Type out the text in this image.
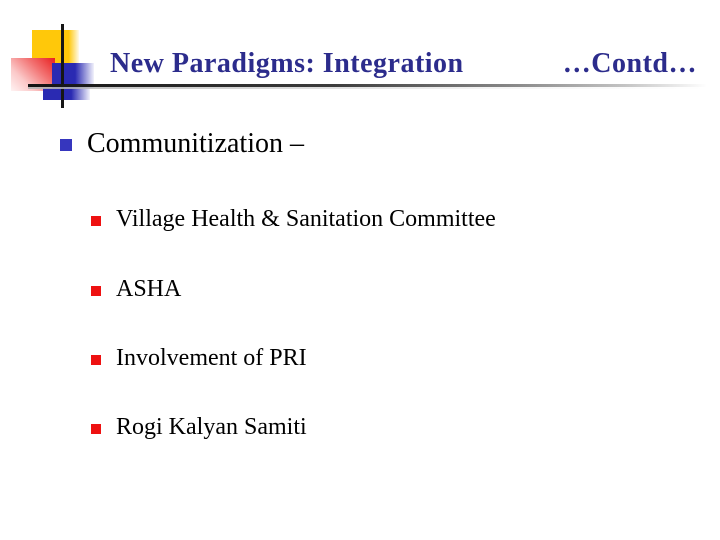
New Paradigms: Integration	…Contd…
Communitization –
Village Health & Sanitation Committee
ASHA
Involvement of PRI
Rogi Kalyan Samiti
